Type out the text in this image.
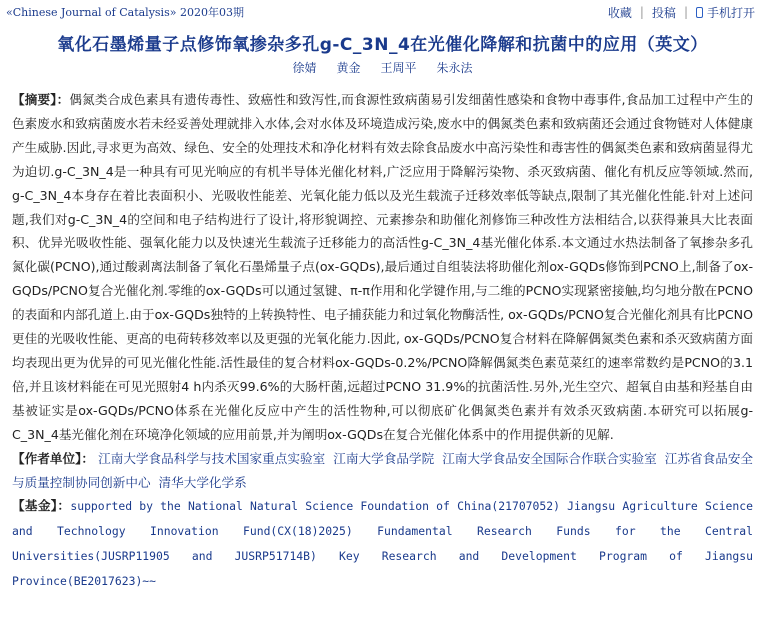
«Chinese Journal of Catalysis» 2020年03期	收藏 | 投稿 |	手机打开
氧化石墨烯量子点修饰氧掺杂多孔g-C_3N_4在光催化降解和抗菌中的应用（英文）
徐婧 黄金 王周平 朱永法

【摘要】：偶氮类合成色素具有遗传毒性、致癌性和致泻性,而食源性致病菌易引发细菌性感染和食物中毒事件,食品加工过程中产生的色素废水和致病菌废水若未经妥善处理就排入水体,会对水体及环境造成污染,废水中的偶氮类色素和致病菌还会通过食物链对人体健康产生威胁.因此,寻求更为高效、绿色、安全的处理技术和净化材料有效去除食品废水中高污染性和毒害性的偶氮类色素和致病菌显得尤为迫切.g-C_3N_4是一种具有可见光响应的有机半导体光催化材料,广泛应用于降解污染物、杀灭致病菌、催化有机反应等领域.然而, g-C_3N_4本身存在着比表面积小、光吸收性能差、光氧化能力低以及光生载流子迁移效率低等缺点,限制了其光催化性能.针对上述问题,我们对g-C_3N_4的空间和电子结构进行了设计,将形貌调控、元素掺杂和助催化剂修饰三种改性方法相结合,以获得兼具大比表面积、优异光吸收性能、强氧化能力以及快速光生载流子迁移能力的高活性g-C_3N_4基光催化体系.本文通过水热法制备了氧掺杂多孔氮化碳(PCNO),通过酸剥离法制备了氧化石墨烯量子点(ox-GQDs),最后通过自组装法将助催化剂ox-GQDs修饰到PCNO上,制备了ox-GQDs/PCNO复合光催化剂.零维的ox-GQDs可以通过氢键、π-π作用和化学键作用,与二维的PCNO实现紧密接触,均匀地分散在PCNO的表面和内部孔道上.由于ox-GQDs独特的上转换特性、电子捕获能力和过氧化物酶活性, ox-GQDs/PCNO复合光催化剂具有比PCNO更佳的光吸收性能、更高的电荷转移效率以及更强的光氧化能力.因此, ox-GQDs/PCNO复合材料在降解偶氮类色素和杀灭致病菌方面均表现出更为优异的可见光催化性能.活性最佳的复合材料ox-GQDs-0.2%/PCNO降解偶氮类色素苋菜红的速率常数约是PCNO的3.1倍,并且该材料能在可见光照射4 h内杀灭99.6%的大肠杆菌,远超过PCNO 31.9%的抗菌活性.另外,光生空穴、超氧自由基和羟基自由基被证实是ox-GQDs/PCNO体系在光催化反应中产生的活性物种,可以彻底矿化偶氮类色素并有效杀灭致病菌.本研究可以拓展g-C_3N_4基光催化剂在环境净化领域的应用前景,并为阐明ox-GQDs在复合光催化体系中的作用提供新的见解.

【作者单位】： 江南大学食品科学与技术国家重点实验室 江南大学食品学院 江南大学食品安全国际合作联合实验室 江苏省食品安全与质量控制协同创新中心 清华大学化学系

【基金】：supported by the National Natural Science Foundation of China(21707052) Jiangsu Agriculture Science and Technology Innovation Fund(CX(18)2025) Fundamental Research Funds for the Central Universities(JUSRP11905 and JUSRP51714B) Key Research and Development Program of Jiangsu Province(BE2017623)~~
